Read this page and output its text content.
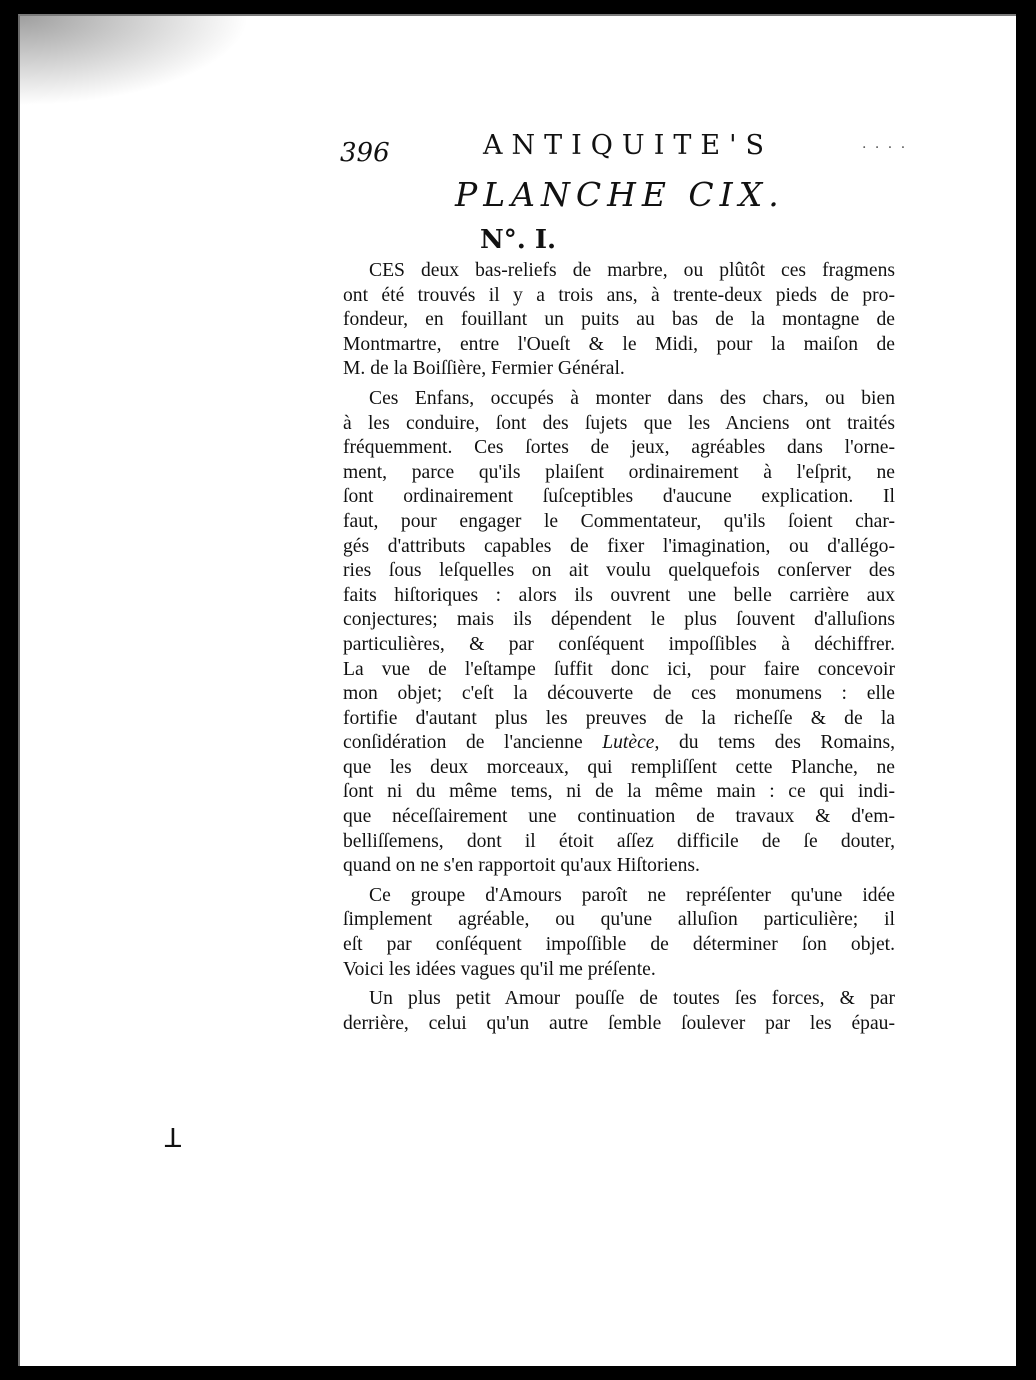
396	ANTIQUITE'S	· · · ·
PLANCHE CIX.
N°. I.
CES deux bas-reliefs de marbre, ou plûtôt ces fragmens
ont été trouvés il y a trois ans, à trente-deux pieds de pro-
fondeur, en fouillant un puits au bas de la montagne de
Montmartre, entre l'Oueſt & le Midi, pour la maiſon de
M. de la Boiſſière, Fermier Général.
Ces Enfans, occupés à monter dans des chars, ou bien
à les conduire, ſont des ſujets que les Anciens ont traités
fréquemment. Ces ſortes de jeux, agréables dans l'orne-
ment, parce qu'ils plaiſent ordinairement à l'eſprit, ne
ſont ordinairement ſuſceptibles d'aucune explication. Il
faut, pour engager le Commentateur, qu'ils ſoient char-
gés d'attributs capables de fixer l'imagination, ou d'allégo-
ries ſous leſquelles on ait voulu quelquefois conſerver des
faits hiſtoriques : alors ils ouvrent une belle carrière aux
conjectures; mais ils dépendent le plus ſouvent d'alluſions
particulières, & par conſéquent impoſſibles à déchiffrer.
La vue de l'eſtampe ſuffit donc ici, pour faire concevoir
mon objet; c'eſt la découverte de ces monumens : elle
fortifie d'autant plus les preuves de la richeſſe & de la
conſidération de l'ancienne Lutèce, du tems des Romains,
que les deux morceaux, qui rempliſſent cette Planche, ne
ſont ni du même tems, ni de la même main : ce qui indi-
que néceſſairement une continuation de travaux & d'em-
belliſſemens, dont il étoit aſſez difficile de ſe douter,
quand on ne s'en rapportoit qu'aux Hiſtoriens.
Ce groupe d'Amours paroît ne repréſenter qu'une idée
ſimplement agréable, ou qu'une alluſion particulière; il
eſt par conſéquent impoſſible de déterminer ſon objet.
Voici les idées vagues qu'il me préſente.
Un plus petit Amour pouſſe de toutes ſes forces, & par
derrière, celui qu'un autre ſemble ſoulever par les épau-
ꓕ
